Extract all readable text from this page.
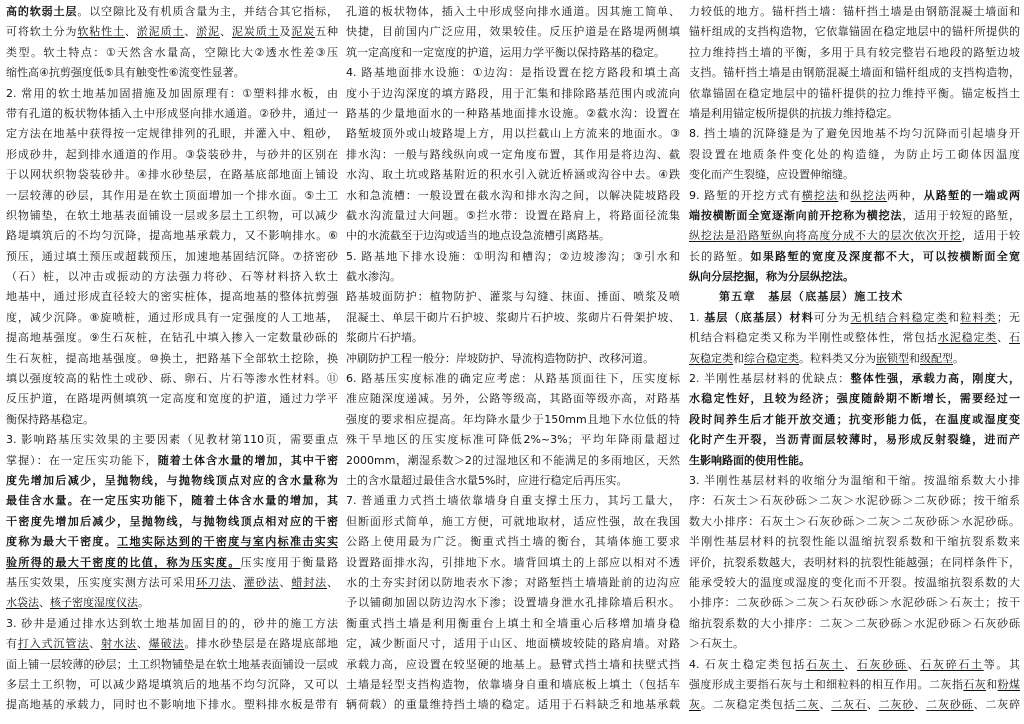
高的软弱土层。以空隙比及有机质含量为主，并结合其它指标，
可将软土分为软粘性土、淤泥质土、淤泥、泥炭质土及泥炭五种
类型。软土特点：①天然含水量高，空隙比大②透水性差③压
缩性高④抗剪强度低⑤具有触变性⑥流变性显著。
2. 常用的软土地基加固措施及加固原理有：①塑料排水板，由
带有孔道的板状物体插入土中形成竖向排水通道。②砂井，通过一
定方法在地基中获得按一定规律排列的孔眼，并灌入中、粗砂，
形成砂井，起到排水通道的作用。③袋装砂井，与砂井的区别在
于以网状织物袋装砂井。④排水砂垫层，在路基底部地面上铺设
一层较薄的砂层，其作用是在软土顶面增加一个排水面。⑤土工
织物铺垫，在软土地基表面铺设一层或多层土工织物，可以减少
路堤填筑后的不均匀沉降，提高地基承载力，又不影响排水。⑥
预压，通过填土预压或超载预压，加速地基固结沉降。⑦挤密砂
（石）桩，以冲击或振动的方法强力将砂、石等材料挤入软土
地基中，通过形成直径较大的密实桩体，提高地基的整体抗剪强
度，减少沉降。⑧旋喷桩，通过形成具有一定强度的人工地基，
提高地基强度。⑨生石灰桩，在钻孔中填入掺入一定数量砂砾的
生石灰桩，提高地基强度。⑩换土，把路基下全部软土挖除，换
填以强度较高的粘性土或砂、砾、卵石、片石等渗水性材料。⑪
反压护道，在路堤两侧填筑一定高度和宽度的护道，通过力学平
衡保持路基稳定。
3. 影响路基压实效果的主要因素（见教材第110页，需要重点
掌握）：在一定压实功能下，随着土体含水量的增加，其中干密
度先增加后减少，呈抛物线，与抛物线顶点对应的含水量称为
最佳含水量。在一定压实功能下，随着土体含水量的增加，其
干密度先增加后减少，呈抛物线，与抛物线顶点相对应的干密
度称为最大干密度。工地实际达到的干密度与室内标准击实实
验所得的最大干密度的比值，称为压实度。压实度用于衡量路
基压实效果，压实度实测方法可采用环刀法、灌砂法、蜡封法、
水袋法、核子密度湿度仪法。
3. 砂井是通过排水达到软土地基加固目的的，砂井的施工方法
有打入式沉管法、射水法、爆破法。排水砂垫层是在路堤底部地
面上铺一层较薄的砂层；土工织物铺垫是在软土地基表面铺设一层或
多层土工织物，可以减少路堤填筑后的地基不均匀沉降，又可以
提高地基的承载力，同时也不影响地下排水。塑料排水板是带有
孔道的板状物体，插入土中形成竖向排水通道。因其施工简单、
快捷，目前国内广泛应用，效果较佳。反压护道是在路堤两侧填
筑一定高度和一定宽度的护道，运用力学平衡以保持路基的稳定。
4. 路基地面排水设施：①边沟：是指设置在挖方路段和填土高
度小于边沟深度的填方路段，用于汇集和排除路基范围内或流向
路基的少量地面水的一种路基地面排水设施。②截水沟：设置在
路堑坡顶外或山坡路堤上方，用以拦截山上方流来的地面水。③
排水沟：一般与路线纵向或一定角度布置，其作用是将边沟、截
水沟、取土坑或路基附近的积水引入就近桥涵或沟谷中去。④跌
水和急流槽：一般设置在截水沟和排水沟之间，以解决陡坡路段
截水沟流量过大问题。⑤拦水带：设置在路肩上，将路面径流集
中的水流截至于边沟或适当的地点设急流槽引离路基。
5. 路基地下排水设施：①明沟和槽沟；②边坡渗沟；③引水和
截水渗沟。
路基坡面防护：植物防护、灌浆与勾缝、抹面、捶面、喷浆及喷
混凝土、单层干砌片石护坡、浆砌片石护坡、浆砌片石骨架护坡、
浆砌片石护墙。
冲刷防护工程一般分：岸坡防护、导流构造物防护、改移河道。
6. 路基压实度标准的确定应考虑：从路基顶面往下，压实度标
准应随深度递减。另外，公路等级高，其路面等级亦高，对路基
强度的要求相应提高。年均降水量少于150mm且地下水位低的特
殊干旱地区的压实度标准可降低2%~3%；平均年降雨量超过
2000mm，潮湿系数＞2的过湿地区和不能满足的多雨地区，天然
土的含水量超过最佳含水量5%时，应进行稳定后再压实。
7. 普通重力式挡土墙依靠墙身自重支撑土压力，其圬工量大，
但断面形式简单，施工方便，可就地取材，适应性强，故在我国
公路上使用最为广泛。衡重式挡土墙的衡台，其墙体施工要求
设置路面排水沟，引排地下水。墙背回填土的上部应以相对不透
水的土夯实封闭以防地表水下渗；对路堑挡土墙墙趾前的边沟应
予以铺砌加固以防边沟水下渗；设置墙身泄水孔排除墙后积水。
衡重式挡土墙是利用衡重台上填土和全墙重心后移增加墙身稳
定，减少断面尺寸，适用于山区、地面横坡较陡的路肩墙。对路
承载力高，应设置在较坚硬的地基上。悬臂式挡土墙和扶壁式挡
土墙是轻型支挡构造物，依靠墙身自重和墙底板上填土（包括车
辆荷载）的重量维持挡土墙的稳定。适用于石料缺乏和地基承载
力较低的地方。锚杆挡土墙：锚杆挡土墙是由钢筋混凝土墙面和
锚杆组成的支挡构造物，它依靠锚固在稳定地层中的锚杆所提供的
拉力维持挡土墙的平衡，多用于具有较完整岩石地段的路堑边坡
支挡。锚杆挡土墙是由钢筋混凝土墙面和锚杆组成的支挡构造物，
依靠锚固在稳定地层中的锚杆提供的拉力维持平衡。锚定板挡土
墙是利用锚定板所提供的抗拔力维持稳定。
8. 挡土墙的沉降缝是为了避免因地基不均匀沉降而引起墙身开
裂设置在地质条件变化处的构造缝，为防止圬工砌体因温度
变化而产生裂缝，应设置伸缩缝。
9. 路堑的开挖方式有横挖法和纵挖法两种，从路堑的一端或两
端按横断面全宽逐渐向前开挖称为横挖法，适用于较短的路堑，
纵挖法是沿路堑纵向将高度分成不大的层次依次开挖，适用于较
长的路堑。如果路堑的宽度及深度都不大，可以按横断面全宽
纵向分层挖掘，称为分层纵挖法。
第五章　基层（底基层）施工技术
1. 基层（底基层）材料可分为无机结合料稳定类和粒料类；无
机结合料稳定类又称为半刚性或整体性，常包括水泥稳定类、石
灰稳定类和综合稳定类。粒料类又分为嵌锁型和级配型。
2. 半刚性基层材料的优缺点：整体性强，承载力高，刚度大，
水稳定性好，且较为经济；强度随龄期不断增长，需要经过一
段时间养生后才能开放交通；抗变形能力低，在温度或湿度变
化时产生开裂，当沥青面层较薄时，易形成反射裂缝，进而产
生影响路面的使用性能。
3. 半刚性基层材料的收缩分为温缩和干缩。按温缩系数大小排
序：石灰土＞石灰砂砾＞二灰＞水泥砂砾＞二灰砂砾；按干缩系
数大小排序：石灰土＞石灰砂砾＞二灰＞二灰砂砾＞水泥砂砾。
半刚性基层材料的抗裂性能以温缩抗裂系数和干缩抗裂系数来
评价，抗裂系数越大，表明材料的抗裂性能越强；在同样条件下，
能承受较大的温度或湿度的变化而不开裂。按温缩抗裂系数的大
小排序：二灰砂砾＞二灰＞石灰砂砾＞水泥砂砾＞石灰土；按干
缩抗裂系数的大小排序：二灰＞二灰砂砾＞水泥砂砾＞石灰砂砾
＞石灰土。
4. 石灰土稳定类包括石灰土、石灰砂砾、石灰碎石土等。其
强度形成主要指石灰与土和细粒料的相互作用。二灰指石灰和粉煤
灰。二灰稳定类包括二灰、二灰石、二灰砂、二灰砂砾、二灰碎
